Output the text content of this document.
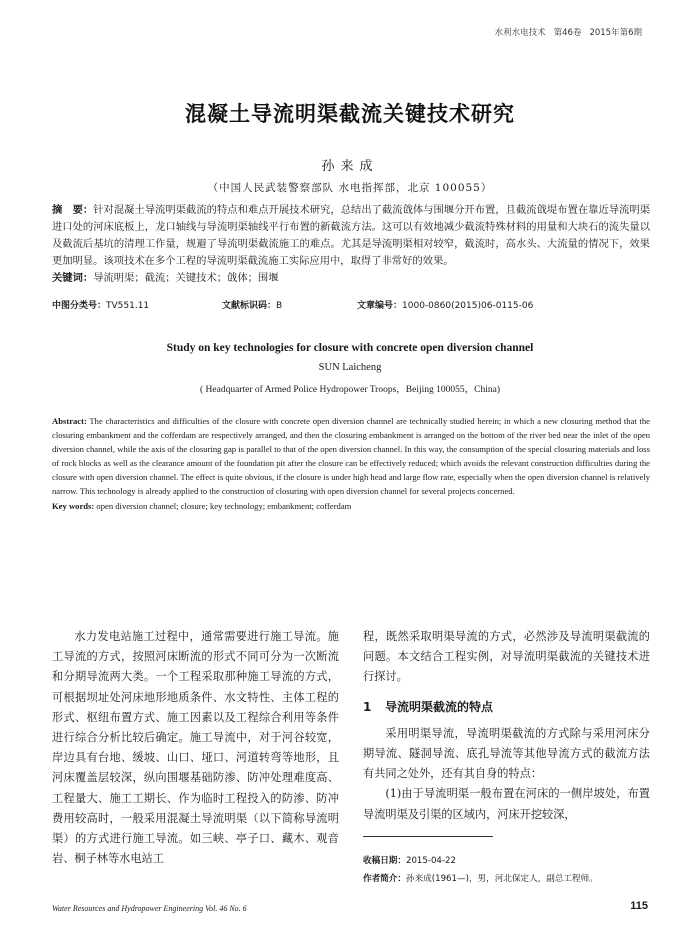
水利水电技术 第46卷 2015年第6期
混凝土导流明渠截流关键技术研究
孙来成
（中国人民武装警察部队 水电指挥部，北京 100055）
摘　要：针对混凝土导流明渠截流的特点和难点开展技术研究，总结出了截流戗体与围堰分开布置，且截流戗堤布置在靠近导流明渠进口处的河床底板上，龙口轴线与导流明渠轴线平行布置的新截流方法。这可以有效地减少截流特殊材料的用量和大块石的流失量以及截流后基坑的清理工作量，规避了导流明渠截流施工的难点。尤其是导流明渠相对较窄，截流时，高水头、大流量的情况下，效果更加明显。该项技术在多个工程的导流明渠截流施工实际应用中，取得了非常好的效果。
关键词：导流明渠；截流；关键技术；戗体；围堰
中图分类号：TV551.11	文献标识码：B	文章编号：1000-0860(2015)06-0115-06
Study on key technologies for closure with concrete open diversion channel
SUN Laicheng
( Headquarter of Armed Police Hydropower Troops，Beijing 100055，China)
Abstract: The characteristics and difficulties of the closure with concrete open diversion channel are technically studied herein; in which a new closuring method that the closuring embankment and the cofferdam are respectively arranged, and then the closuring embankment is arranged on the bottom of the river bed near the inlet of the open diversion channel, while the axis of the closuring gap is parallel to that of the open diversion channel. In this way, the consumption of the special closuring materials and loss of rock blocks as well as the clearance amount of the foundation pit after the closure can be effectively reduced; which avoids the relevant construction difficulties during the closure with open diversion channel. The effect is quite obvious, if the closure is under high head and large flow rate, especially when the open diversion channel is relatively narrow. This technology is already applied to the construction of closuring with open diversion channel for several projects concerned.
Key words: open diversion channel; closure; key technology; embankment; cofferdam

水力发电站施工过程中，通常需要进行施工导流。施工导流的方式，按照河床断流的形式不同可分为一次断流和分期导流两大类。一个工程采取那种施工导流的方式，可根据坝址处河床地形地质条件、水文特性、主体工程的形式、枢纽布置方式、施工因素以及工程综合利用等条件进行综合分析比较后确定。施工导流中，对于河谷较宽，岸边具有台地、缓坡、山口、垭口、河道转弯等地形，且河床覆盖层较深，纵向围堰基础防渗、防冲处理难度高、工程量大、施工工期长、作为临时工程投入的防渗、防冲费用较高时，一般采用混凝土导流明渠（以下简称导流明渠）的方式进行施工导流。如三峡、亭子口、藏木、观音岩、桐子林等水电站工

程，既然采取明渠导流的方式，必然涉及导流明渠截流的问题。本文结合工程实例，对导流明渠截流的关键技术进行探讨。

1 导流明渠截流的特点

采用明渠导流，导流明渠截流的方式除与采用河床分期导流、隧洞导流、底孔导流等其他导流方式的截流方法有共同之处外，还有其自身的特点：

(1)由于导流明渠一般布置在河床的一侧岸坡处，布置导流明渠及引渠的区域内，河床开挖较深，

收稿日期：2015-04-22
作者简介：孙来成(1961—)，男，河北保定人，副总工程师。
Water Resources and Hydropower Engineering Vol. 46 No. 6	115
